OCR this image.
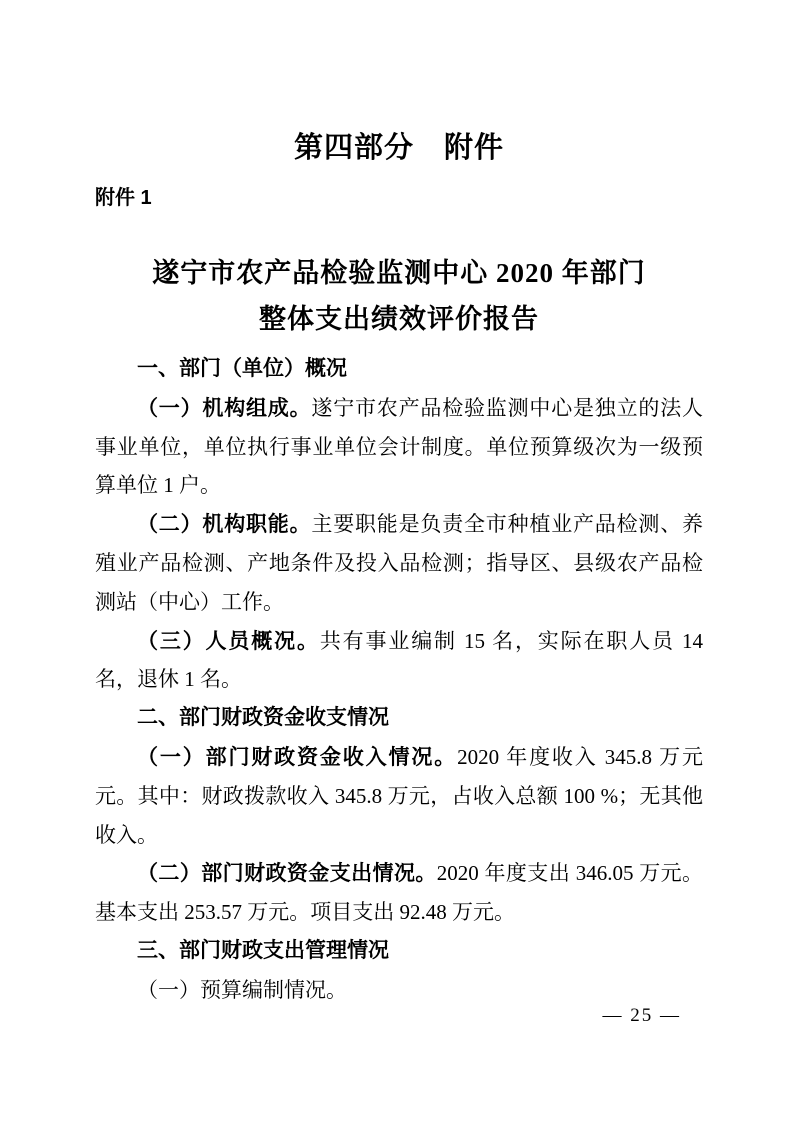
第四部分　附件
附件 1
遂宁市农产品检验监测中心 2020 年部门
整体支出绩效评价报告

一、部门（单位）概况

（一）机构组成。遂宁市农产品检验监测中心是独立的法人事业单位，单位执行事业单位会计制度。单位预算级次为一级预算单位 1 户。

（二）机构职能。主要职能是负责全市种植业产品检测、养殖业产品检测、产地条件及投入品检测；指导区、县级农产品检测站（中心）工作。

（三）人员概况。共有事业编制 15 名，实际在职人员 14 名，退休 1 名。

二、部门财政资金收支情况

（一）部门财政资金收入情况。2020 年度收入 345.8 万元元。其中：财政拨款收入 345.8 万元，占收入总额 100 %；无其他收入。

（二）部门财政资金支出情况。2020 年度支出 346.05 万元。基本支出 253.57 万元。项目支出 92.48 万元。

三、部门财政支出管理情况

（一）预算编制情况。

— 25 —
